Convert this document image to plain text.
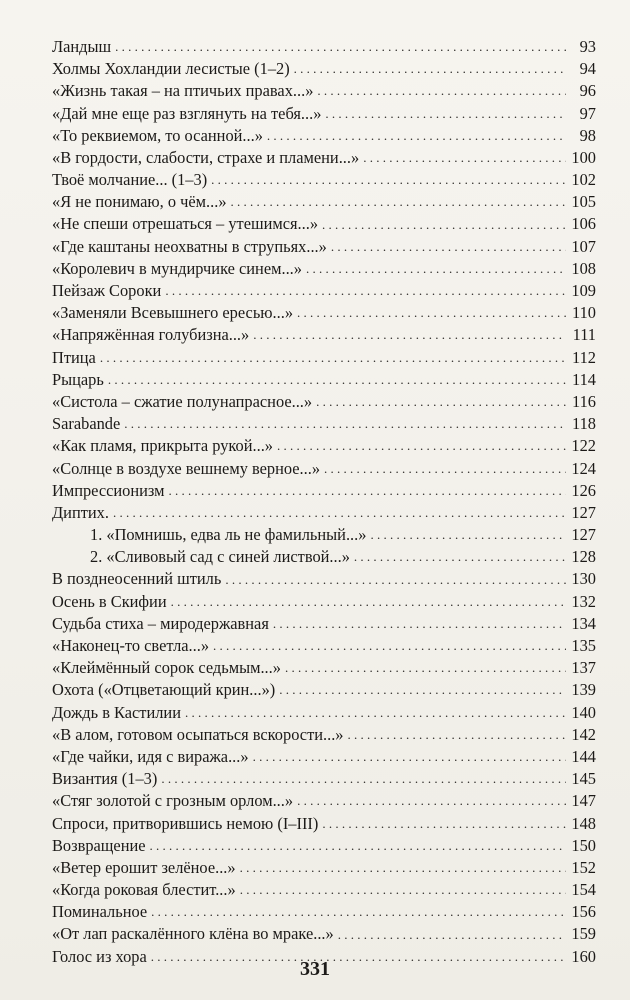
Ландыш . . .	93
Холмы Хохландии лесистые (1–2) . . .	94
«Жизнь такая – на птичьих правах...» . . .	96
«Дай мне еще раз взглянуть на тебя...» . . .	97
«То реквиемом, то осанной...» . . .	98
«В гордости, слабости, страхе и пламени...» . . .	100
Твоё молчание... (1–3) . . .	102
«Я не понимаю, о чём...» . . .	105
«Не спеши отрешаться – утешимся...» . . .	106
«Где каштаны неохватны в струпьях...» . . .	107
«Королевич в мундирчике синем...» . . .	108
Пейзаж Сороки . . .	109
«Заменяли Всевышнего ересью...» . . .	110
«Напряжённая голубизна...» . . .	111
Птица . . .	112
Рыцарь . . .	114
«Систола – сжатие полунапрасное...» . . .	116
Sarabande . . .	118
«Как пламя, прикрыта рукой...» . . .	122
«Солнце в воздухе вешнему верное...» . . .	124
Импрессионизм . . .	126
Диптих. . . .	127
1. «Помнишь, едва ль не фамильный...» . . .	127
2. «Сливовый сад с синей листвой...» . . .	128
В позднеосенний штиль . . .	130
Осень в Скифии . . .	132
Судьба стиха – миродержавная . . .	134
«Наконец-то светла...» . . .	135
«Клеймённый сорок седьмым...» . . .	137
Охота («Отцветающий крин...») . . .	139
Дождь в Кастилии . . .	140
«В алом, готовом осыпаться вскорости...» . . .	142
«Где чайки, идя с виража...» . . .	144
Византия (1–3) . . .	145
«Стяг золотой с грозным орлом...» . . .	147
Спроси, притворившись немою (I–III) . . .	148
Возвращение . . .	150
«Ветер ерошит зелёное...» . . .	152
«Когда роковая блестит...» . . .	154
Поминальное . . .	156
«От лап раскалённого клёна во мраке...» . . .	159
Голос из хора . . .	160
331
